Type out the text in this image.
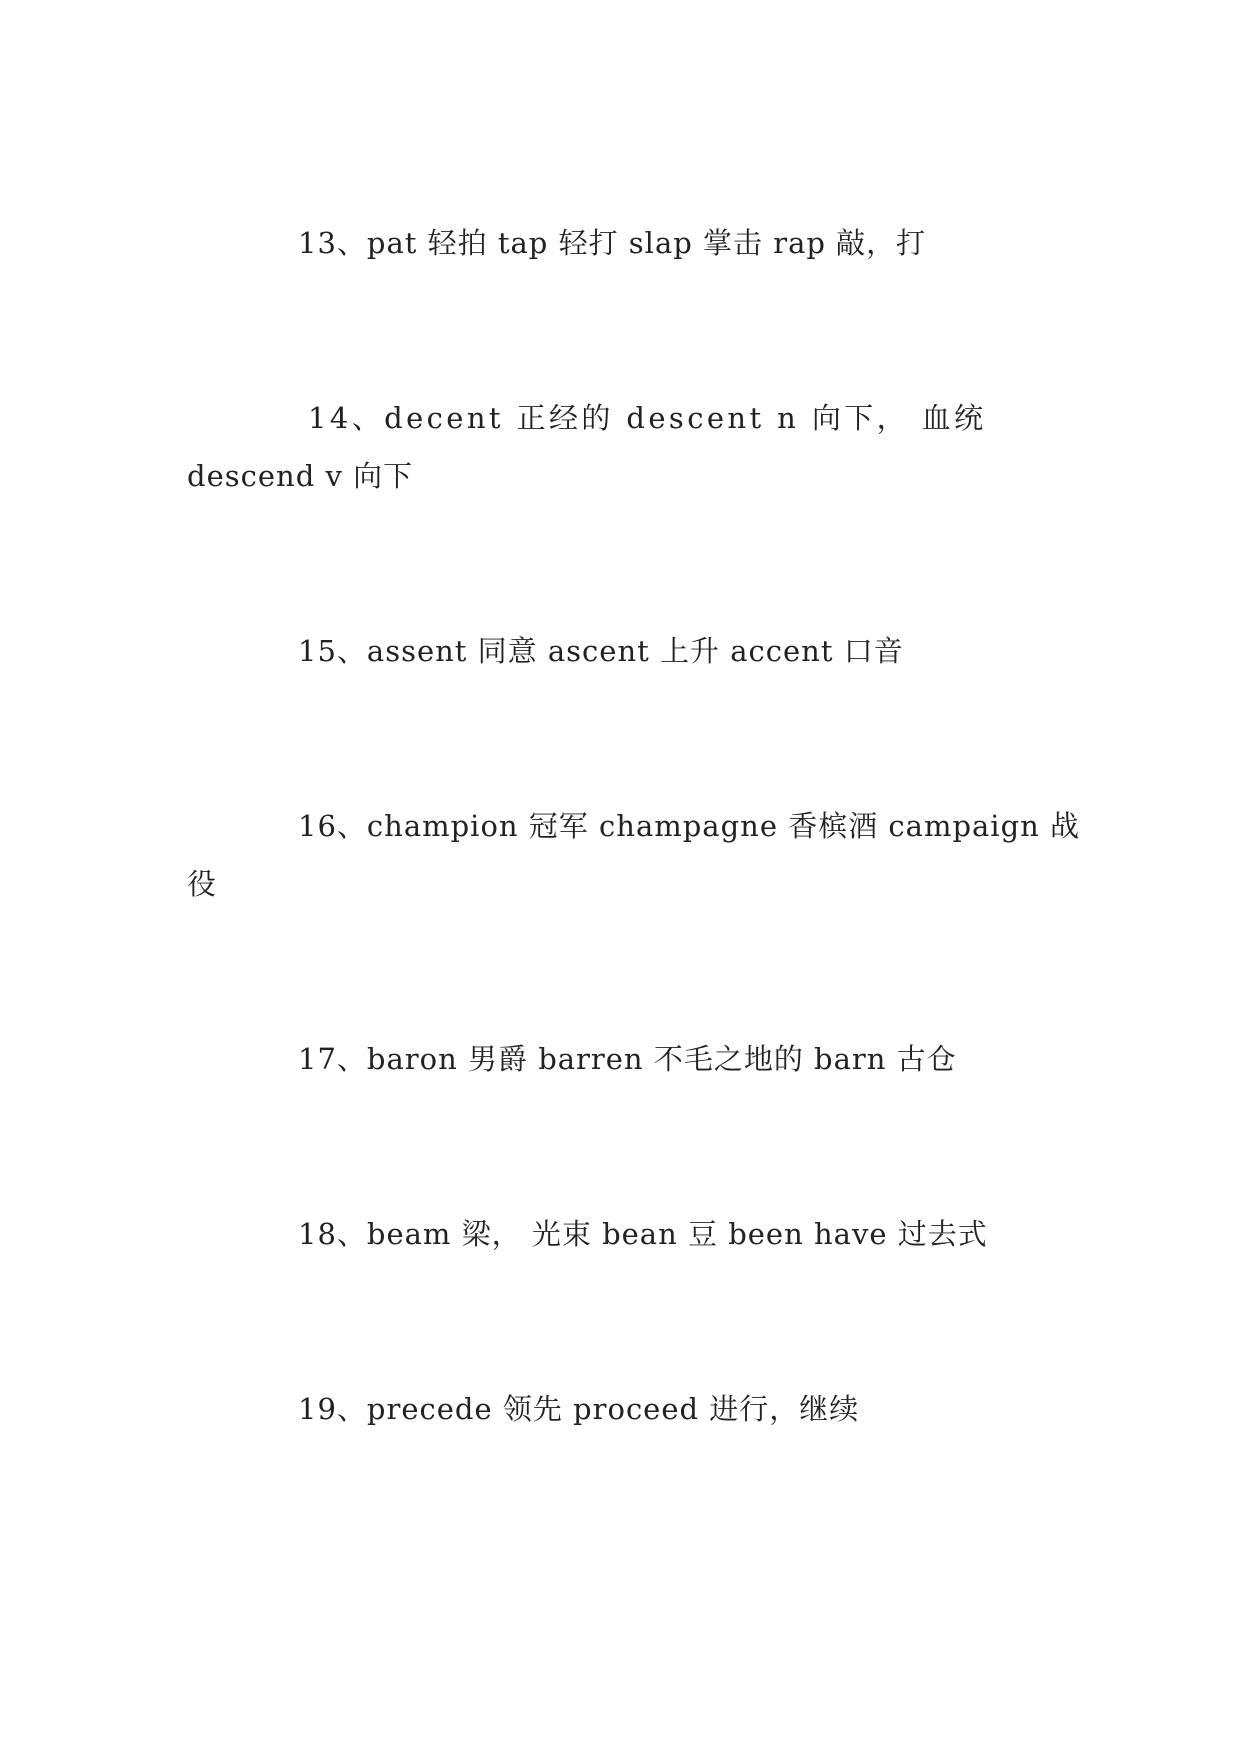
13、pat 轻拍 tap 轻打 slap 掌击 rap 敲，打
14、decent 正经的 descent n 向下， 血统
descend v 向下
15、assent 同意 ascent 上升 accent 口音
16、champion 冠军 champagne 香槟酒 campaign 战
役
17、baron 男爵 barren 不毛之地的 barn 古仓
18、beam 梁， 光束 bean 豆 been have 过去式
19、precede 领先 proceed 进行，继续
